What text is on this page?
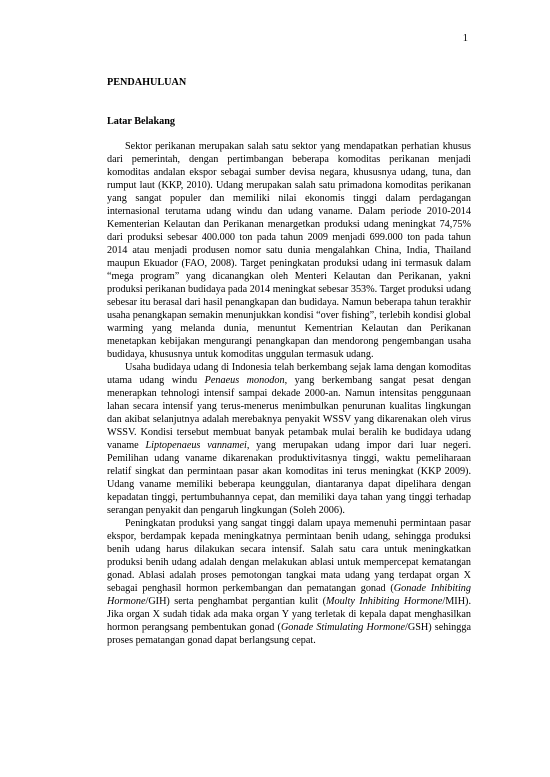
1

PENDAHULUAN

Latar Belakang

Sektor perikanan merupakan salah satu sektor yang mendapatkan perhatian khusus dari pemerintah, dengan pertimbangan beberapa komoditas perikanan menjadi komoditas andalan ekspor sebagai sumber devisa negara, khususnya udang, tuna, dan rumput laut (KKP, 2010). Udang merupakan salah satu primadona komoditas perikanan yang sangat populer dan memiliki nilai ekonomis tinggi dalam perdagangan internasional terutama udang windu dan udang vaname. Dalam periode 2010-2014 Kementerian Kelautan dan Perikanan menargetkan produksi udang meningkat 74,75% dari produksi sebesar 400.000 ton pada tahun 2009 menjadi 699.000 ton pada tahun 2014 atau menjadi produsen nomor satu dunia mengalahkan China, India, Thailand maupun Ekuador (FAO, 2008). Target peningkatan produksi udang ini termasuk dalam “mega program” yang dicanangkan oleh Menteri Kelautan dan Perikanan, yakni produksi perikanan budidaya pada 2014 meningkat sebesar 353%. Target produksi udang sebesar itu berasal dari hasil penangkapan dan budidaya. Namun beberapa tahun terakhir usaha penangkapan semakin menunjukkan kondisi “over fishing”, terlebih kondisi global warming yang melanda dunia, menuntut Kementrian Kelautan dan Perikanan menetapkan kebijakan mengurangi penangkapan dan mendorong pengembangan usaha budidaya, khususnya untuk komoditas unggulan termasuk udang.

Usaha budidaya udang di Indonesia telah berkembang sejak lama dengan komoditas utama udang windu Penaeus monodon, yang berkembang sangat pesat dengan menerapkan tehnologi intensif sampai dekade 2000-an. Namun intensitas penggunaan lahan secara intensif yang terus-menerus menimbulkan penurunan kualitas lingkungan dan akibat selanjutnya adalah merebaknya penyakit WSSV yang dikarenakan oleh virus WSSV. Kondisi tersebut membuat banyak petambak mulai beralih ke budidaya udang vaname Liptopenaeus vannamei, yang merupakan udang impor dari luar negeri. Pemilihan udang vaname dikarenakan produktivitasnya tinggi, waktu pemeliharaan relatif singkat dan permintaan pasar akan komoditas ini terus meningkat (KKP 2009). Udang vaname memiliki beberapa keunggulan, diantaranya dapat dipelihara dengan kepadatan tinggi, pertumbuhannya cepat, dan memiliki daya tahan yang tinggi terhadap serangan penyakit dan pengaruh lingkungan (Soleh 2006).

Peningkatan produksi yang sangat tinggi dalam upaya memenuhi permintaan pasar ekspor, berdampak kepada meningkatnya permintaan benih udang, sehingga produksi benih udang harus dilakukan secara intensif. Salah satu cara untuk meningkatkan produksi benih udang adalah dengan melakukan ablasi untuk mempercepat kematangan gonad. Ablasi adalah proses pemotongan tangkai mata udang yang terdapat organ X sebagai penghasil hormon perkembangan dan pematangan gonad (Gonade Inhibiting Hormone/GIH) serta penghambat pergantian kulit (Moulty Inhibiting Hormone/MIH). Jika organ X sudah tidak ada maka organ Y yang terletak di kepala dapat menghasilkan hormon perangsang pembentukan gonad (Gonade Stimulating Hormone/GSH) sehingga proses pematangan gonad dapat berlangsung cepat.
